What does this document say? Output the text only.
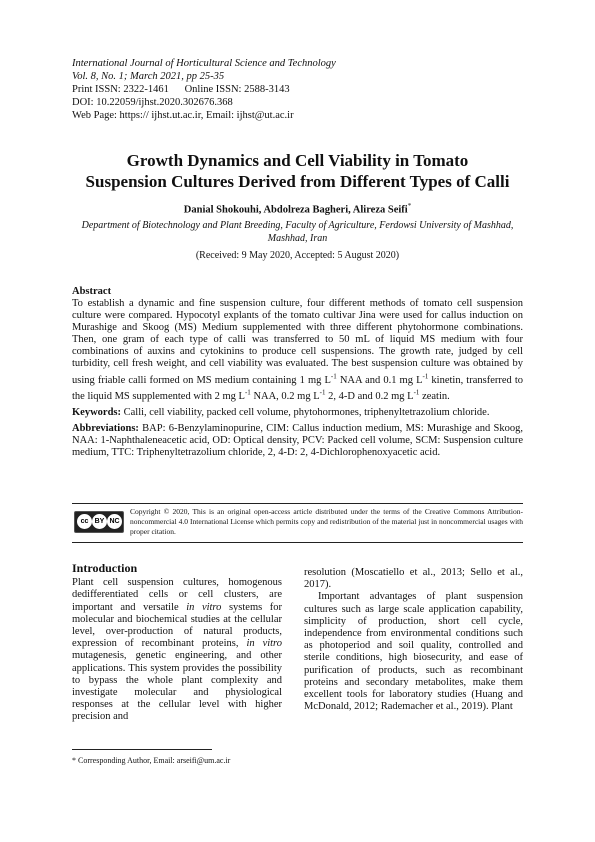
International Journal of Horticultural Science and Technology
Vol. 8, No. 1; March 2021, pp 25-35
Print ISSN: 2322-1461      Online ISSN: 2588-3143
DOI: 10.22059/ijhst.2020.302676.368
Web Page: https:// ijhst.ut.ac.ir, Email: ijhst@ut.ac.ir
Growth Dynamics and Cell Viability in Tomato
Suspension Cultures Derived from Different Types of Calli
Danial Shokouhi, Abdolreza Bagheri, Alireza Seifi*
Department of Biotechnology and Plant Breeding, Faculty of Agriculture, Ferdowsi University of Mashhad, Mashhad, Iran
(Received: 9 May 2020, Accepted: 5 August 2020)

Abstract

To establish a dynamic and fine suspension culture, four different methods of tomato cell suspension culture were compared. Hypocotyl explants of the tomato cultivar Jina were used for callus induction on Murashige and Skoog (MS) Medium supplemented with three different phytohormone combinations. Then, one gram of each type of calli was transferred to 50 mL of liquid MS medium with four combinations of auxins and cytokinins to produce cell suspensions. The growth rate, judged by cell turbidity, cell fresh weight, and cell viability was evaluated. The best suspension culture was obtained by using friable calli formed on MS medium containing 1 mg $L^{-1}$ NAA and 0.1 mg $L^{-1}$ kinetin, transferred to the liquid MS supplemented with 2 mg $L^{-1}$ NAA, 0.2 mg $L^{-1}$ 2, 4-D and 0.2 mg $L^{-1}$ zeatin.

Keywords: Calli, cell viability, packed cell volume, phytohormones, triphenyltetrazolium chloride.

Abbreviations: BAP: 6-Benzylaminopurine, CIM: Callus induction medium, MS: Murashige and Skoog, NAA: 1-Naphthaleneacetic acid, OD: Optical density, PCV: Packed cell volume, SCM: Suspension culture medium, TTC: Triphenyltetrazolium chloride, 2, 4-D: 2, 4-Dichlorophenoxyacetic acid.

cc BY NC
Copyright © 2020, This is an original open-access article distributed under the terms of the Creative Commons Attribution-noncommercial 4.0 International License which permits copy and redistribution of the material just in noncommercial usages with proper citation.
Introduction

Plant cell suspension cultures, homogenous dedifferentiated cells or cell clusters, are important and versatile in vitro systems for molecular and biochemical studies at the cellular level, over-production of natural products, expression of recombinant proteins, in vitro mutagenesis, genetic engineering, and other applications. This system provides the possibility to bypass the whole plant complexity and investigate molecular and physiological responses at the cellular level with higher precision and

resolution (Moscatiello et al., 2013; Sello et al., 2017).

Important advantages of plant suspension cultures such as large scale application capability, simplicity of production, short cell cycle, independence from environmental conditions such as photoperiod and soil quality, controlled and sterile conditions, high biosecurity, and ease of purification of products, such as recombinant proteins and secondary metabolites, make them excellent tools for laboratory studies (Huang and McDonald, 2012; Rademacher et al., 2019). Plant

* Corresponding Author, Email: arseifi@um.ac.ir
